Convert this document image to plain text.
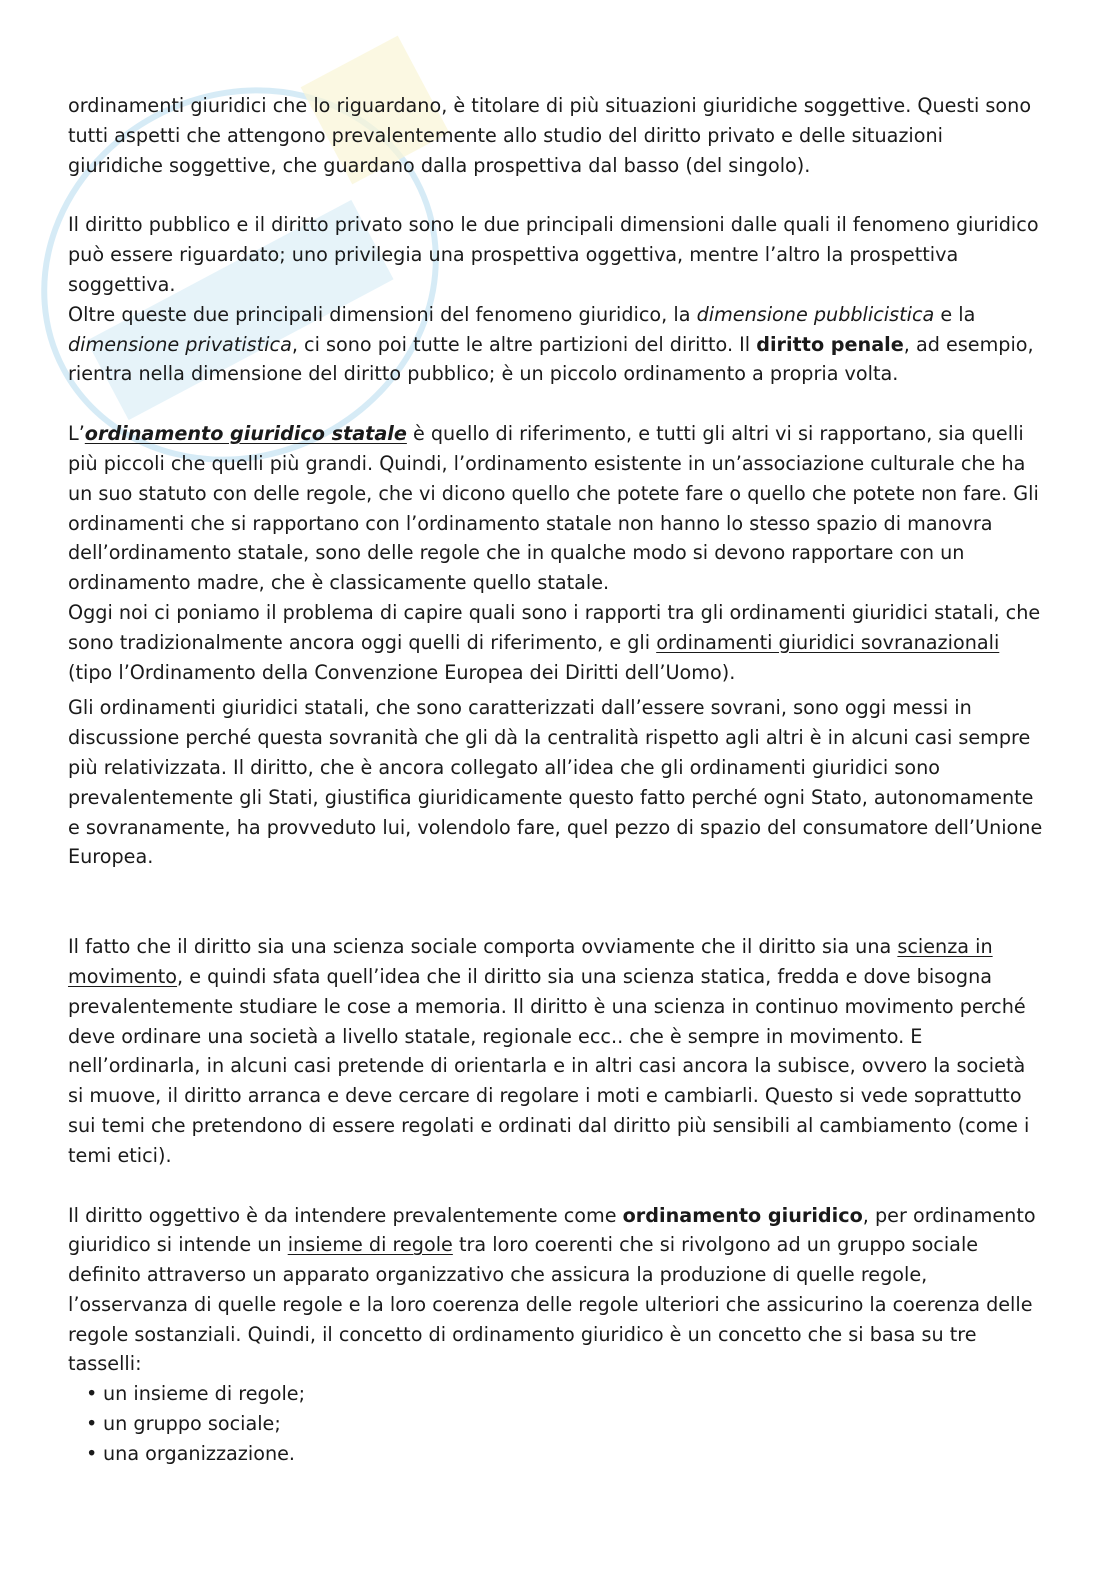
ordinamenti giuridici che lo riguardano, è titolare di più situazioni giuridiche soggettive. Questi sono tutti aspetti che attengono prevalentemente allo studio del diritto privato e delle situazioni giuridiche soggettive, che guardano dalla prospettiva dal basso (del singolo).

Il diritto pubblico e il diritto privato sono le due principali dimensioni dalle quali il fenomeno giuridico può essere riguardato; uno privilegia una prospettiva oggettiva, mentre l’altro la prospettiva soggettiva.

Oltre queste due principali dimensioni del fenomeno giuridico, la dimensione pubblicistica e la dimensione privatistica, ci sono poi tutte le altre partizioni del diritto. Il diritto penale, ad esempio, rientra nella dimensione del diritto pubblico; è un piccolo ordinamento a propria volta.

L’ordinamento giuridico statale è quello di riferimento, e tutti gli altri vi si rapportano, sia quelli più piccoli che quelli più grandi. Quindi, l’ordinamento esistente in un’associazione culturale che ha un suo statuto con delle regole, che vi dicono quello che potete fare o quello che potete non fare. Gli ordinamenti che si rapportano con l’ordinamento statale non hanno lo stesso spazio di manovra dell’ordinamento statale, sono delle regole che in qualche modo si devono rapportare con un ordinamento madre, che è classicamente quello statale.

Oggi noi ci poniamo il problema di capire quali sono i rapporti tra gli ordinamenti giuridici statali, che sono tradizionalmente ancora oggi quelli di riferimento, e gli ordinamenti giuridici sovranazionali (tipo l’Ordinamento della Convenzione Europea dei Diritti dell’Uomo).

Gli ordinamenti giuridici statali, che sono caratterizzati dall’essere sovrani, sono oggi messi in discussione perché questa sovranità che gli dà la centralità rispetto agli altri è in alcuni casi sempre più relativizzata. Il diritto, che è ancora collegato all’idea che gli ordinamenti giuridici sono prevalentemente gli Stati, giustifica giuridicamente questo fatto perché ogni Stato, autonomamente e sovranamente, ha provveduto lui, volendolo fare, quel pezzo di spazio del consumatore dell’Unione Europea.

Il fatto che il diritto sia una scienza sociale comporta ovviamente che il diritto sia una scienza in movimento, e quindi sfata quell’idea che il diritto sia una scienza statica, fredda e dove bisogna prevalentemente studiare le cose a memoria. Il diritto è una scienza in continuo movimento perché deve ordinare una società a livello statale, regionale ecc.. che è sempre in movimento. E nell’ordinarla, in alcuni casi pretende di orientarla e in altri casi ancora la subisce, ovvero la società si muove, il diritto arranca e deve cercare di regolare i moti e cambiarli. Questo si vede soprattutto sui temi che pretendono di essere regolati e ordinati dal diritto più sensibili al cambiamento (come i temi etici).

Il diritto oggettivo è da intendere prevalentemente come ordinamento giuridico, per ordinamento giuridico si intende un insieme di regole tra loro coerenti che si rivolgono ad un gruppo sociale definito attraverso un apparato organizzativo che assicura la produzione di quelle regole, l’osservanza di quelle regole e la loro coerenza delle regole ulteriori che assicurino la coerenza delle regole sostanziali. Quindi, il concetto di ordinamento giuridico è un concetto che si basa su tre tasselli:

• un insieme di regole;
• un gruppo sociale;
• una organizzazione.
